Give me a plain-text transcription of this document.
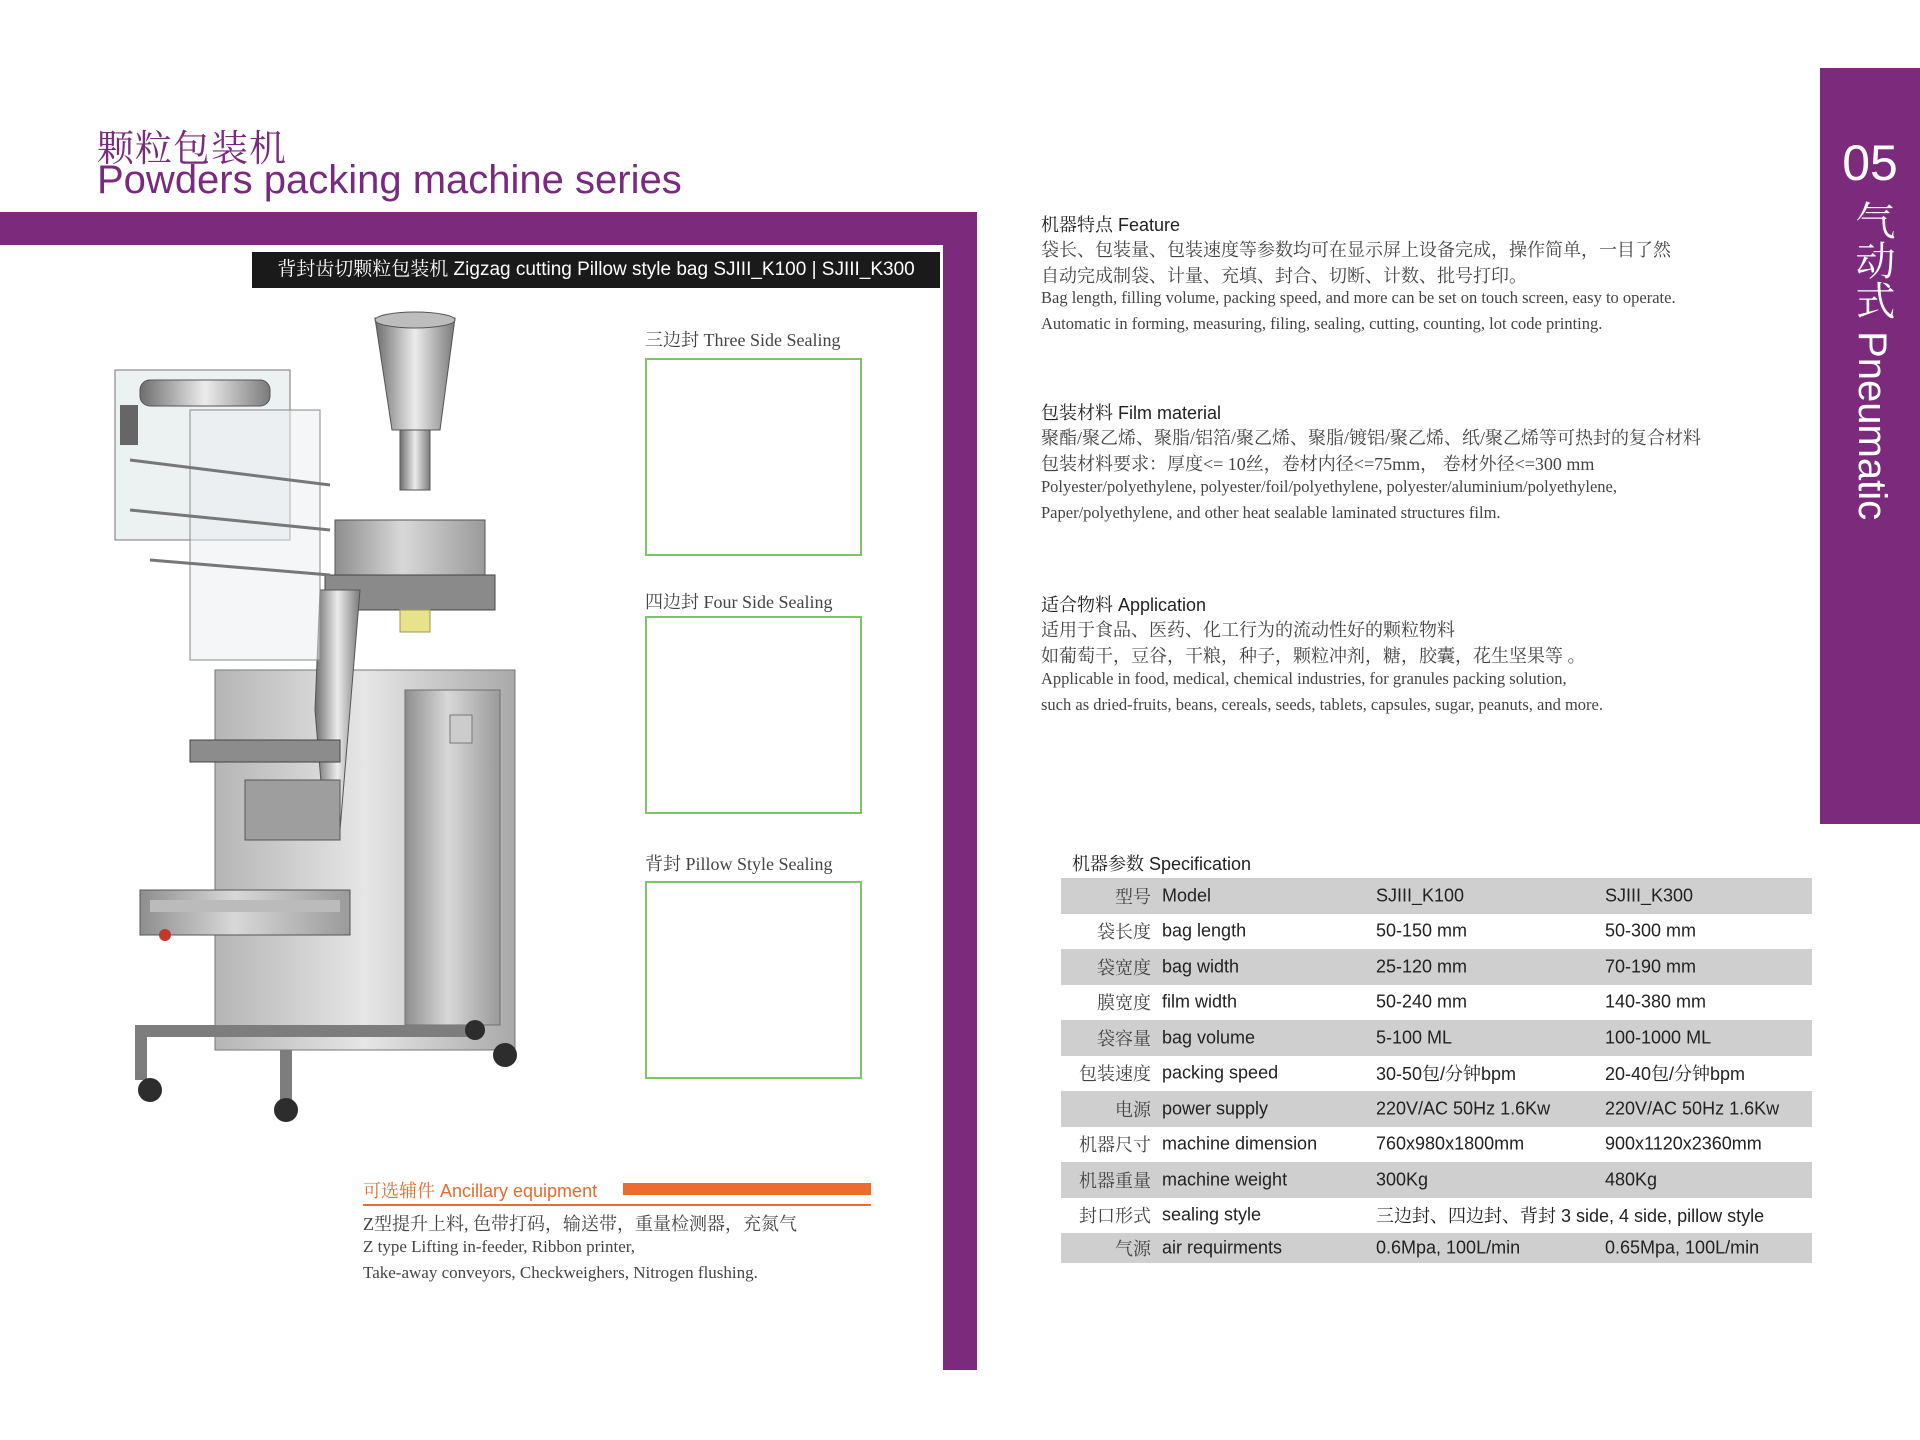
颗粒包装机
Powders packing machine series
背封齿切颗粒包装机 Zigzag cutting Pillow style bag SJIII_K100 | SJIII_K300
05
气动式 Pneumatic
三边封 Three Side Sealing
四边封 Four Side Sealing
背封 Pillow Style Sealing
可选辅件 Ancillary equipment
Z型提升上料, 色带打码，输送带，重量检测器，充氮气
Z type Lifting in-feeder, Ribbon printer,
Take-away conveyors, Checkweighers, Nitrogen flushing.
机器特点 Feature
袋长、包装量、包装速度等参数均可在显示屏上设备完成，操作简单，一目了然
自动完成制袋、计量、充填、封合、切断、计数、批号打印。
Bag length, filling volume, packing speed, and more can be set on touch screen, easy to operate.
Automatic in forming, measuring, filing, sealing, cutting, counting, lot code printing.
包装材料 Film material
聚酯/聚乙烯、聚脂/铝箔/聚乙烯、聚脂/镀铝/聚乙烯、纸/聚乙烯等可热封的复合材料
包装材料要求：厚度<= 10丝，卷材内径<=75mm， 卷材外径<=300 mm
Polyester/polyethylene, polyester/foil/polyethylene, polyester/aluminium/polyethylene,
Paper/polyethylene, and other heat sealable laminated structures film.
适合物料 Application
适用于食品、医药、化工行为的流动性好的颗粒物料
如葡萄干，豆谷，干粮，种子，颗粒冲剂，糖，胶囊，花生坚果等 。
Applicable in food, medical, chemical industries, for granules packing solution,
such as dried-fruits, beans, cereals, seeds, tablets, capsules, sugar, peanuts, and more.
机器参数 Specification
型号 Model	SJIII_K100	SJIII_K300
袋长度 bag length	50-150 mm	50-300 mm
袋宽度 bag width	25-120 mm	70-190 mm
膜宽度 film width	50-240 mm	140-380 mm
袋容量 bag volume	5-100 ML	100-1000 ML
包装速度 packing speed	30-50包/分钟bpm	20-40包/分钟bpm
电源 power supply	220V/AC 50Hz 1.6Kw	220V/AC 50Hz 1.6Kw
机器尺寸 machine dimension	760x980x1800mm	900x1120x2360mm
机器重量 machine weight	300Kg	480Kg
封口形式 sealing style	三边封、四边封、背封 3 side, 4 side, pillow style
气源 air requirments	0.6Mpa, 100L/min	0.65Mpa, 100L/min
